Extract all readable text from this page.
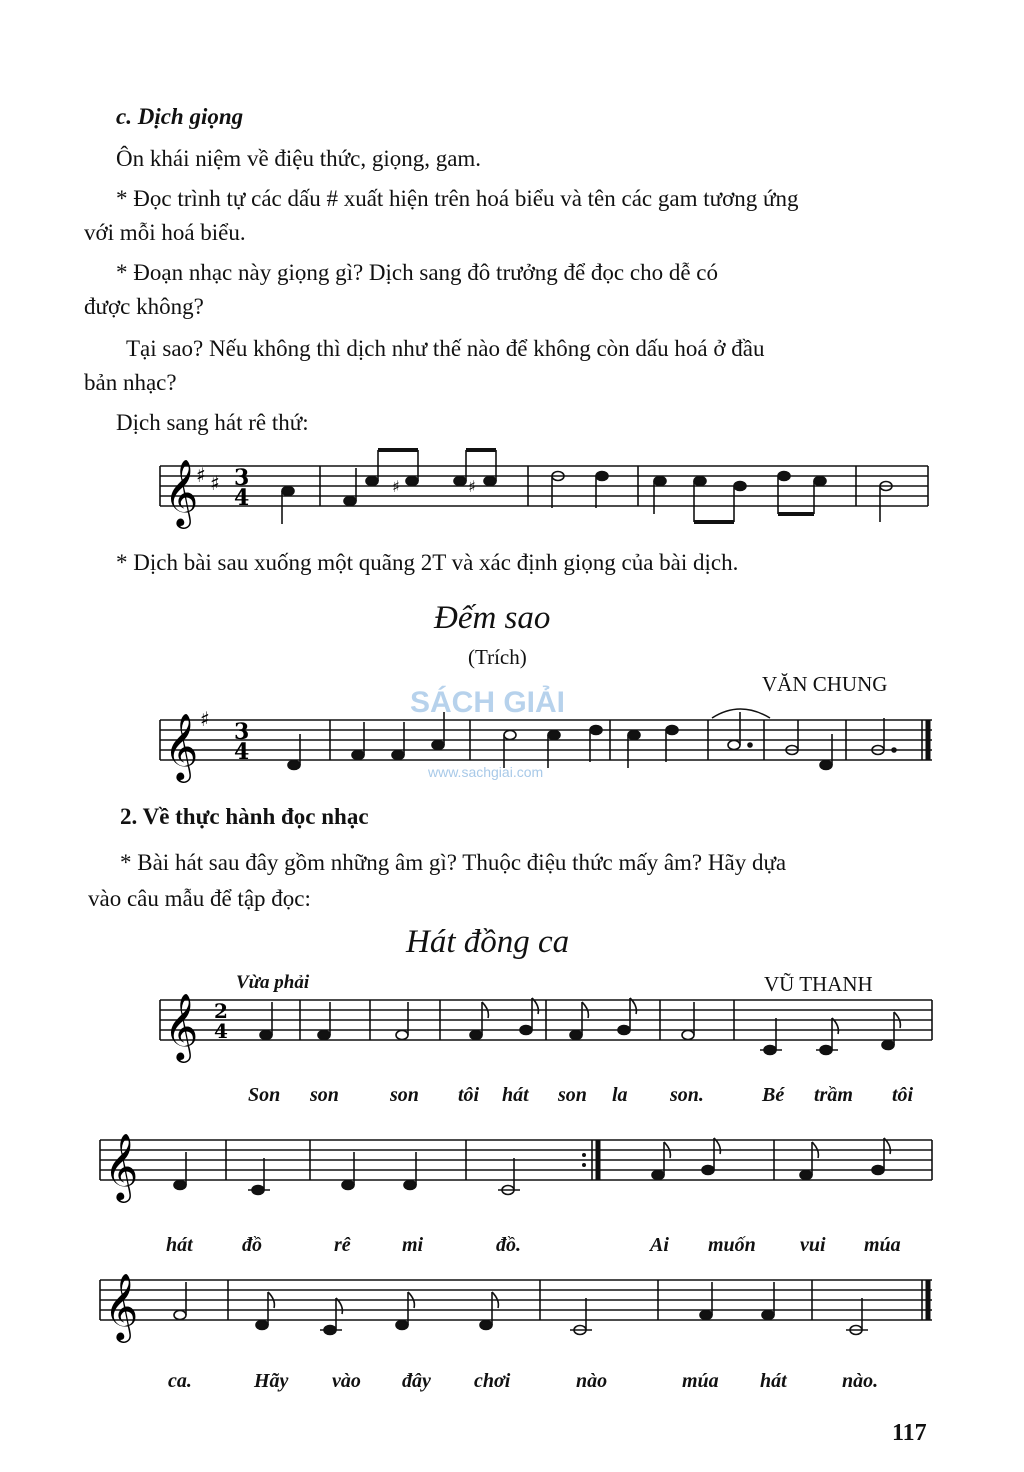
c. Dịch giọng
Ôn khái niệm về điệu thức, giọng, gam.
* Đọc trình tự các dấu # xuất hiện trên hoá biểu và tên các gam tương ứng
với mỗi hoá biểu.
* Đoạn nhạc này giọng gì? Dịch sang đô trưởng để đọc cho dễ có
được không?
Tại sao? Nếu không thì dịch như thế nào để không còn dấu hoá ở đầu
bản nhạc?
Dịch sang hát rê thứ:
𝄞
♯ ♯ 3
4	♯	♯
* Dịch bài sau xuống một quãng 2T và xác định giọng của bài dịch.
Đếm sao
(Trích)
VĂN CHUNG
𝄞 ♯ 3
4
SÁCH GIẢI
www.sachgiai.com
2. Về thực hành đọc nhạc
* Bài hát sau đây gồm những âm gì? Thuộc điệu thức mấy âm? Hãy dựa
vào câu mẫu để tập đọc:
Hát đồng ca
Vừa phải	VŨ THANH
𝄞 2
4
Son son	son tôi hát son la son.	Bé trầm tôi
𝄞
hát đồ	rê	mi	đồ.	Ai muốn vui múa
𝄞
ca.	Hãy vào đây chơi	nào	múa hát	nào.
117
